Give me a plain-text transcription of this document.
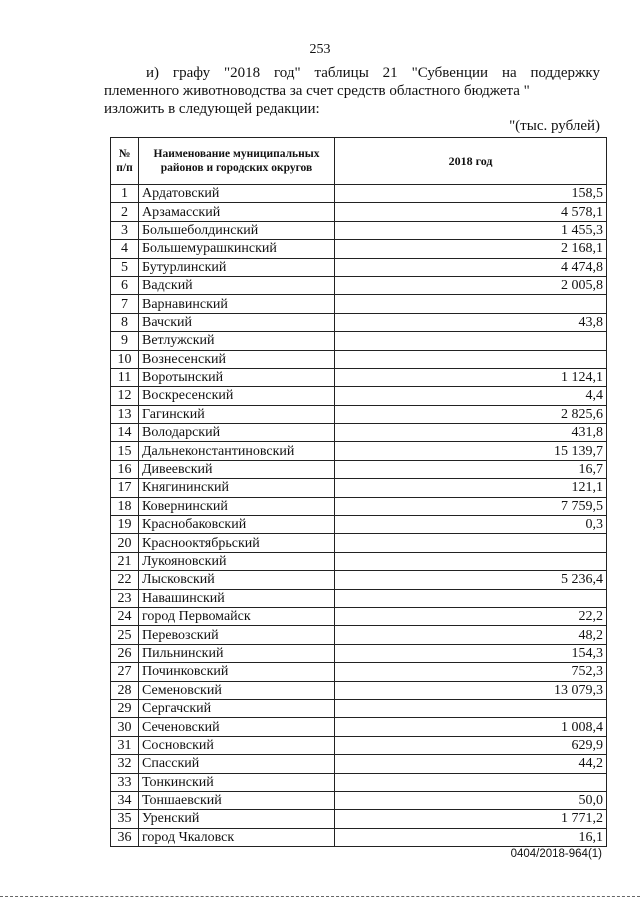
253
и) графу "2018 год" таблицы 21 "Субвенции на поддержку
племенного животноводства за счет средств областного бюджета "
изложить в следующей редакции:
"(тыс. рублей)
№ п/п	Наименование муниципальных районов и городских округов	2018 год
1	Ардатовский	158,5
2	Арзамасский	4 578,1
3	Большеболдинский	1 455,3
4	Большемурашкинский	2 168,1
5	Бутурлинский	4 474,8
6	Вадский	2 005,8
7	Варнавинский	
8	Вачский	43,8
9	Ветлужский	
10	Вознесенский	
11	Воротынский	1 124,1
12	Воскресенский	4,4
13	Гагинский	2 825,6
14	Володарский	431,8
15	Дальнеконстантиновский	15 139,7
16	Дивеевский	16,7
17	Княгининский	121,1
18	Ковернинский	7 759,5
19	Краснобаковский	0,3
20	Краснооктябрьский	
21	Лукояновский	
22	Лысковский	5 236,4
23	Навашинский	
24	город Первомайск	22,2
25	Перевозский	48,2
26	Пильнинский	154,3
27	Починковский	752,3
28	Семеновский	13 079,3
29	Сергачский	
30	Сеченовский	1 008,4
31	Сосновский	629,9
32	Спасский	44,2
33	Тонкинский	
34	Тоншаевский	50,0
35	Уренский	1 771,2
36	город Чкаловск	16,1
0404/2018-964(1)
